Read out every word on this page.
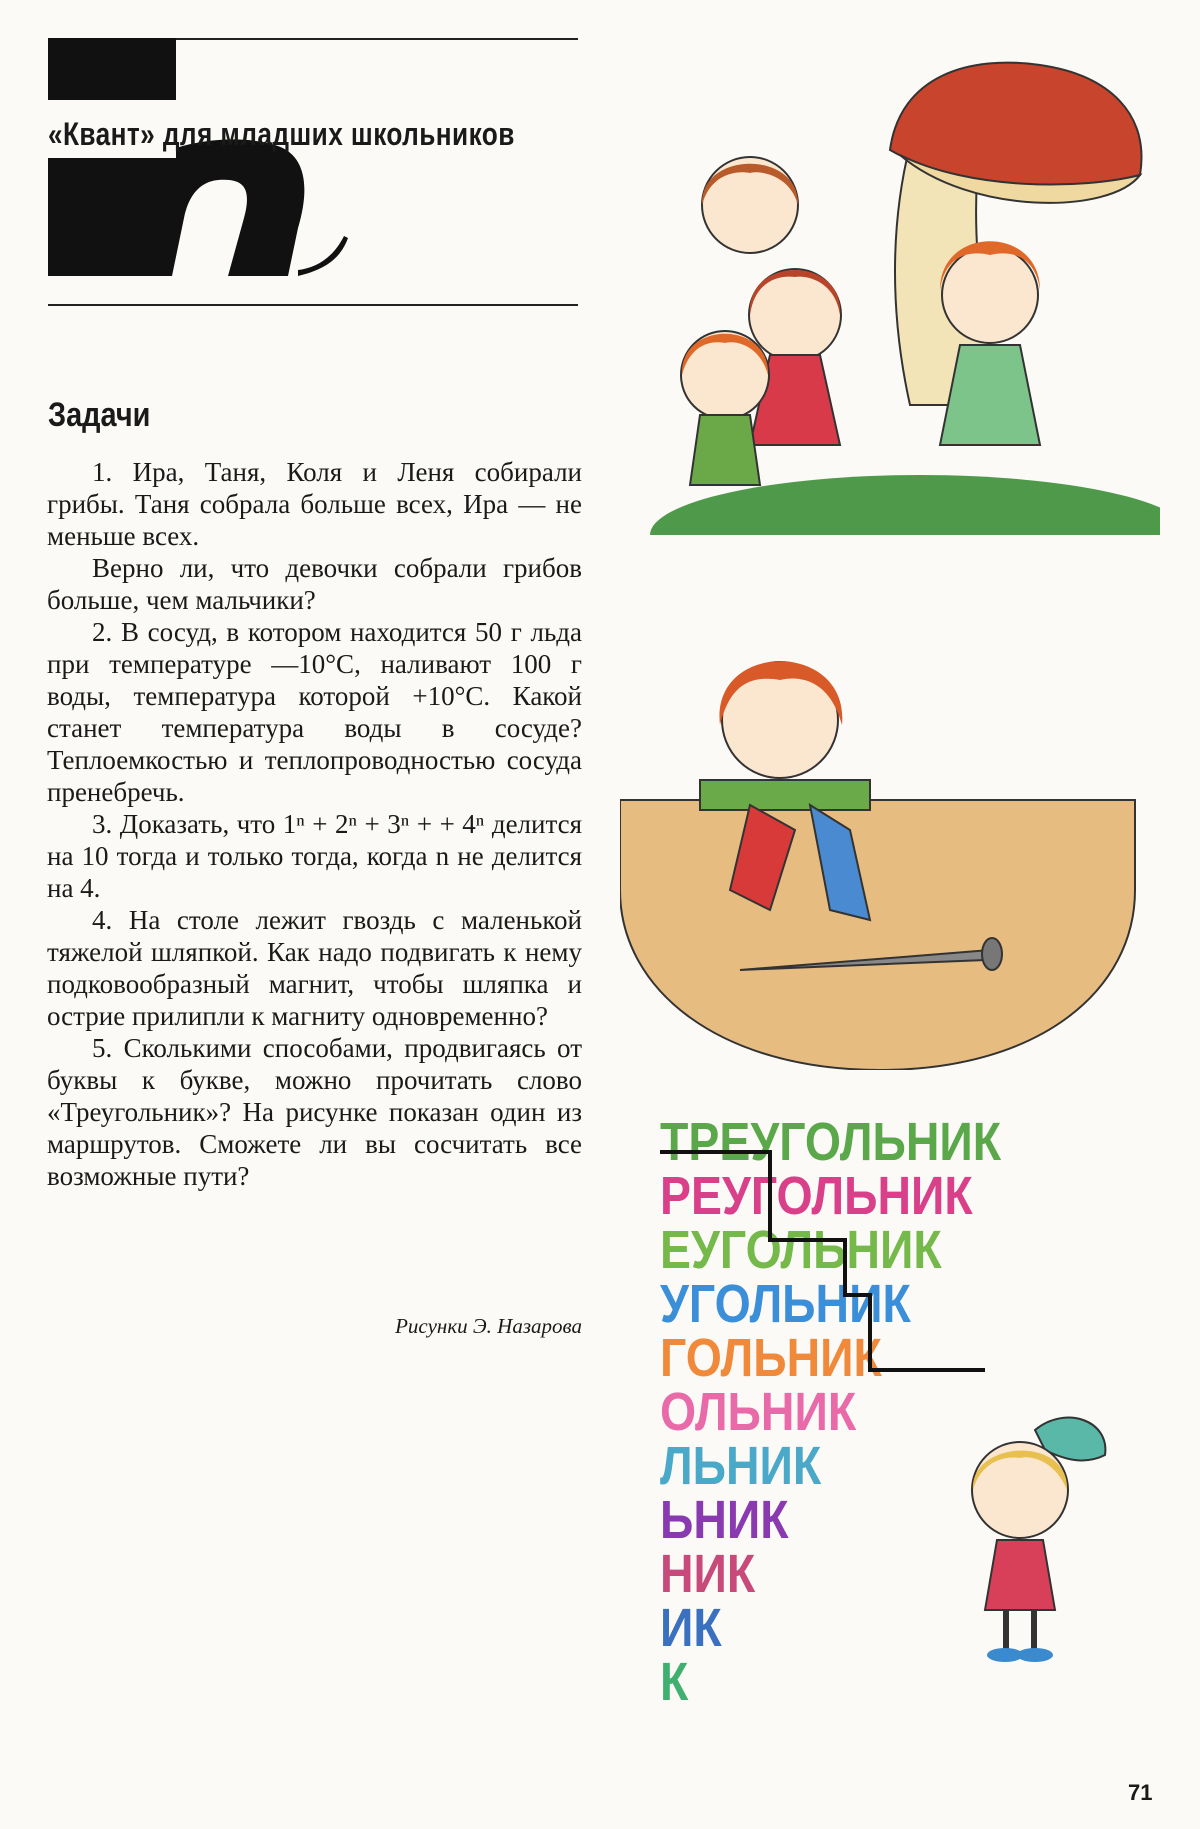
«Квант» для младших школьников
Задачи

1. Ира, Таня, Коля и Леня собирали грибы. Таня собрала больше всех, Ира — не меньше всех.

Верно ли, что девочки собрали грибов больше, чем мальчики?

2. В сосуд, в котором находится 50 г льда при температуре —10°С, наливают 100 г воды, температура которой +10°С. Какой станет температура воды в сосуде? Теплоемкостью и теплопроводностью сосуда пренебречь.

3. Доказать, что 1ⁿ + 2ⁿ + 3ⁿ + + 4ⁿ делится на 10 тогда и только тогда, когда n не делится на 4.

4. На столе лежит гвоздь с маленькой тяжелой шляпкой. Как надо подвигать к нему подковообразный магнит, чтобы шляпка и острие прилипли к магниту одновременно?

5. Сколькими способами, продвигаясь от буквы к букве, можно прочитать слово «Треугольник»? На рисунке показан один из маршрутов. Сможете ли вы сосчитать все возможные пути?

Рисунки Э. Назарова
ТРЕУГОЛЬНИК
РЕУГОЛЬНИК
ЕУГОЛЬНИК
УГОЛЬНИК
ГОЛЬНИК
ОЛЬНИК
ЛЬНИК
ЬНИК
НИК
ИК
К
71
